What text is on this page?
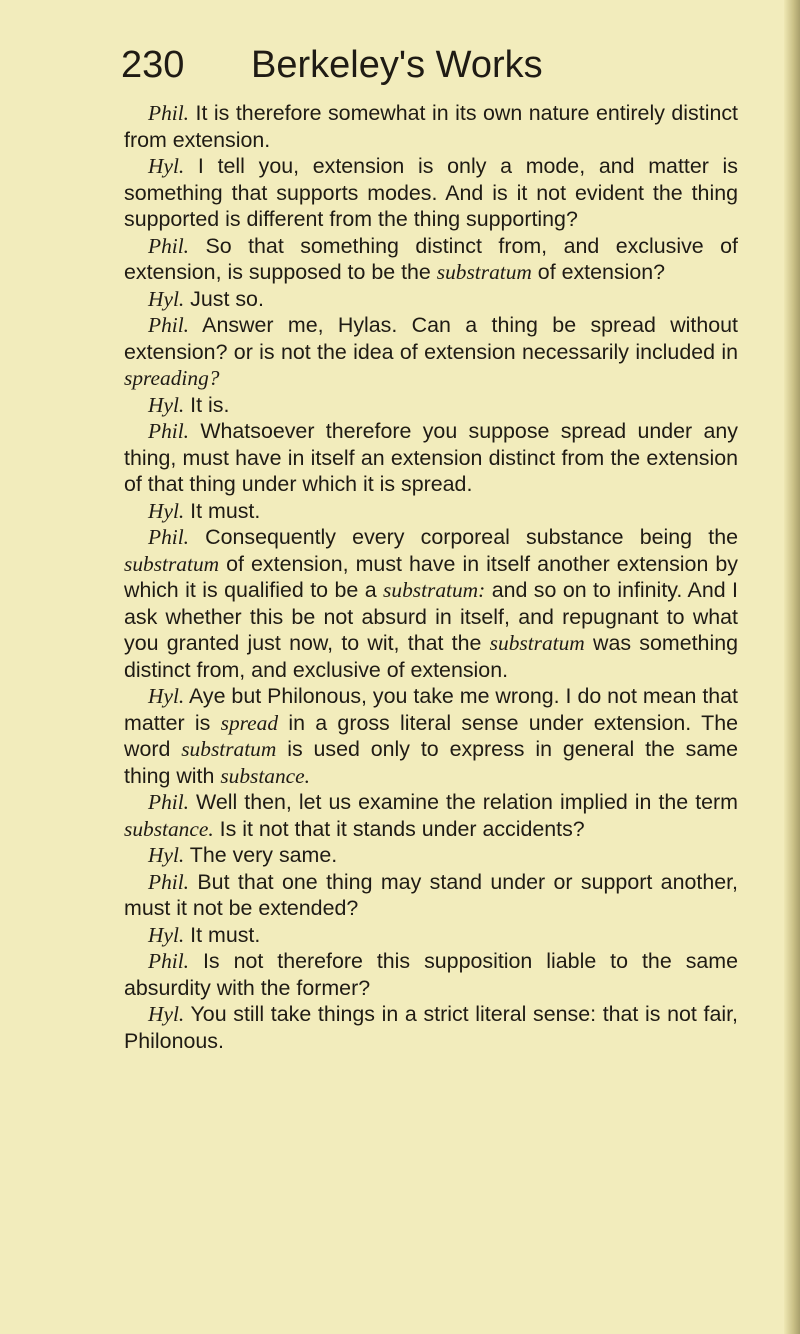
230	Berkeley's Works

Phil. It is therefore somewhat in its own nature entirely distinct from extension.

Hyl. I tell you, extension is only a mode, and matter is something that supports modes. And is it not evident the thing supported is different from the thing supporting?

Phil. So that something distinct from, and exclusive of extension, is supposed to be the substratum of extension?

Hyl. Just so.

Phil. Answer me, Hylas. Can a thing be spread without extension? or is not the idea of extension necessarily included in spreading?

Hyl. It is.

Phil. Whatsoever therefore you suppose spread under any thing, must have in itself an extension distinct from the extension of that thing under which it is spread.

Hyl. It must.

Phil. Consequently every corporeal substance being the substratum of extension, must have in itself another extension by which it is qualified to be a substratum: and so on to infinity. And I ask whether this be not absurd in itself, and repugnant to what you granted just now, to wit, that the substratum was something distinct from, and exclusive of extension.

Hyl. Aye but Philonous, you take me wrong. I do not mean that matter is spread in a gross literal sense under extension. The word substratum is used only to express in general the same thing with substance.

Phil. Well then, let us examine the relation implied in the term substance. Is it not that it stands under accidents?

Hyl. The very same.

Phil. But that one thing may stand under or support another, must it not be extended?

Hyl. It must.

Phil. Is not therefore this supposition liable to the same absurdity with the former?

Hyl. You still take things in a strict literal sense: that is not fair, Philonous.
